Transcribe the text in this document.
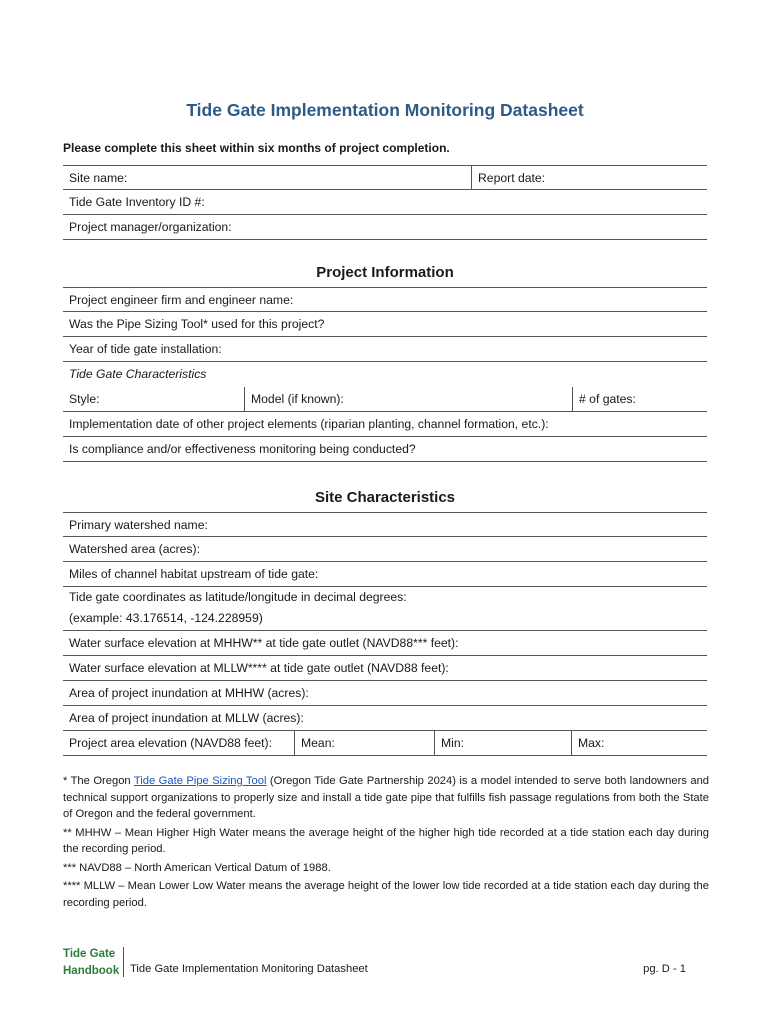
Tide Gate Implementation Monitoring Datasheet
Please complete this sheet within six months of project completion.
Site name:	Report date:
Tide Gate Inventory ID #:
Project manager/organization:
Project Information
Project engineer firm and engineer name:
Was the Pipe Sizing Tool* used for this project?
Year of tide gate installation:
Tide Gate Characteristics
Style:	Model (if known):	# of gates:
Implementation date of other project elements (riparian planting, channel formation, etc.):
Is compliance and/or effectiveness monitoring being conducted?
Site Characteristics
Primary watershed name:
Watershed area (acres):
Miles of channel habitat upstream of tide gate:
Tide gate coordinates as latitude/longitude in decimal degrees:
(example: 43.176514, -124.228959)
Water surface elevation at MHHW** at tide gate outlet (NAVD88*** feet):
Water surface elevation at MLLW**** at tide gate outlet (NAVD88 feet):
Area of project inundation at MHHW (acres):
Area of project inundation at MLLW (acres):
Project area elevation (NAVD88 feet):	Mean:	Min:	Max:

* The Oregon Tide Gate Pipe Sizing Tool (Oregon Tide Gate Partnership 2024) is a model intended to serve both landowners and technical support organizations to properly size and install a tide gate pipe that fulfills fish passage regulations from both the State of Oregon and the federal government.

** MHHW – Mean Higher High Water means the average height of the higher high tide recorded at a tide station each day during the recording period.

*** NAVD88 – North American Vertical Datum of 1988.

**** MLLW – Mean Lower Low Water means the average height of the lower low tide recorded at a tide station each day during the recording period.

Tide Gate
Handbook Tide Gate Implementation Monitoring Datasheet	pg. D - 1
